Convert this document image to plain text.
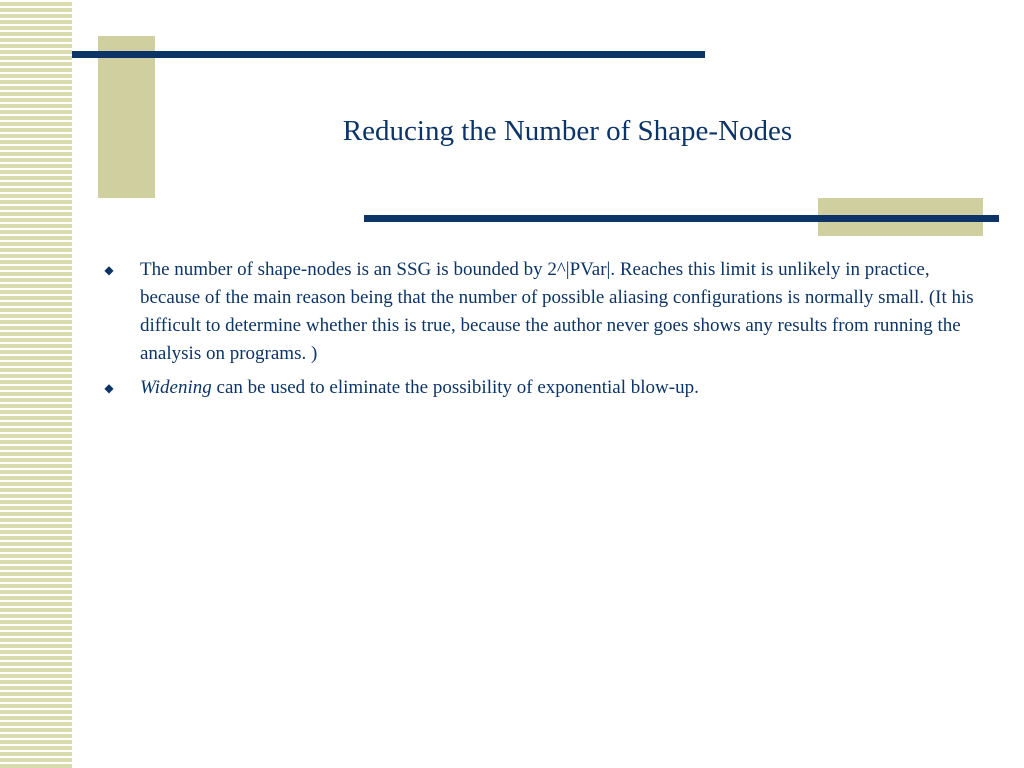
Reducing the Number of Shape-Nodes
◆ The number of shape-nodes is an SSG is bounded by 2^|PVar|. Reaches this limit is unlikely in practice, because of the main reason being that the number of possible aliasing configurations is normally small. (It his difficult to determine whether this is true, because the author never goes shows any results from running the analysis on programs. )
◆ Widening can be used to eliminate the possibility of exponential blow-up.
